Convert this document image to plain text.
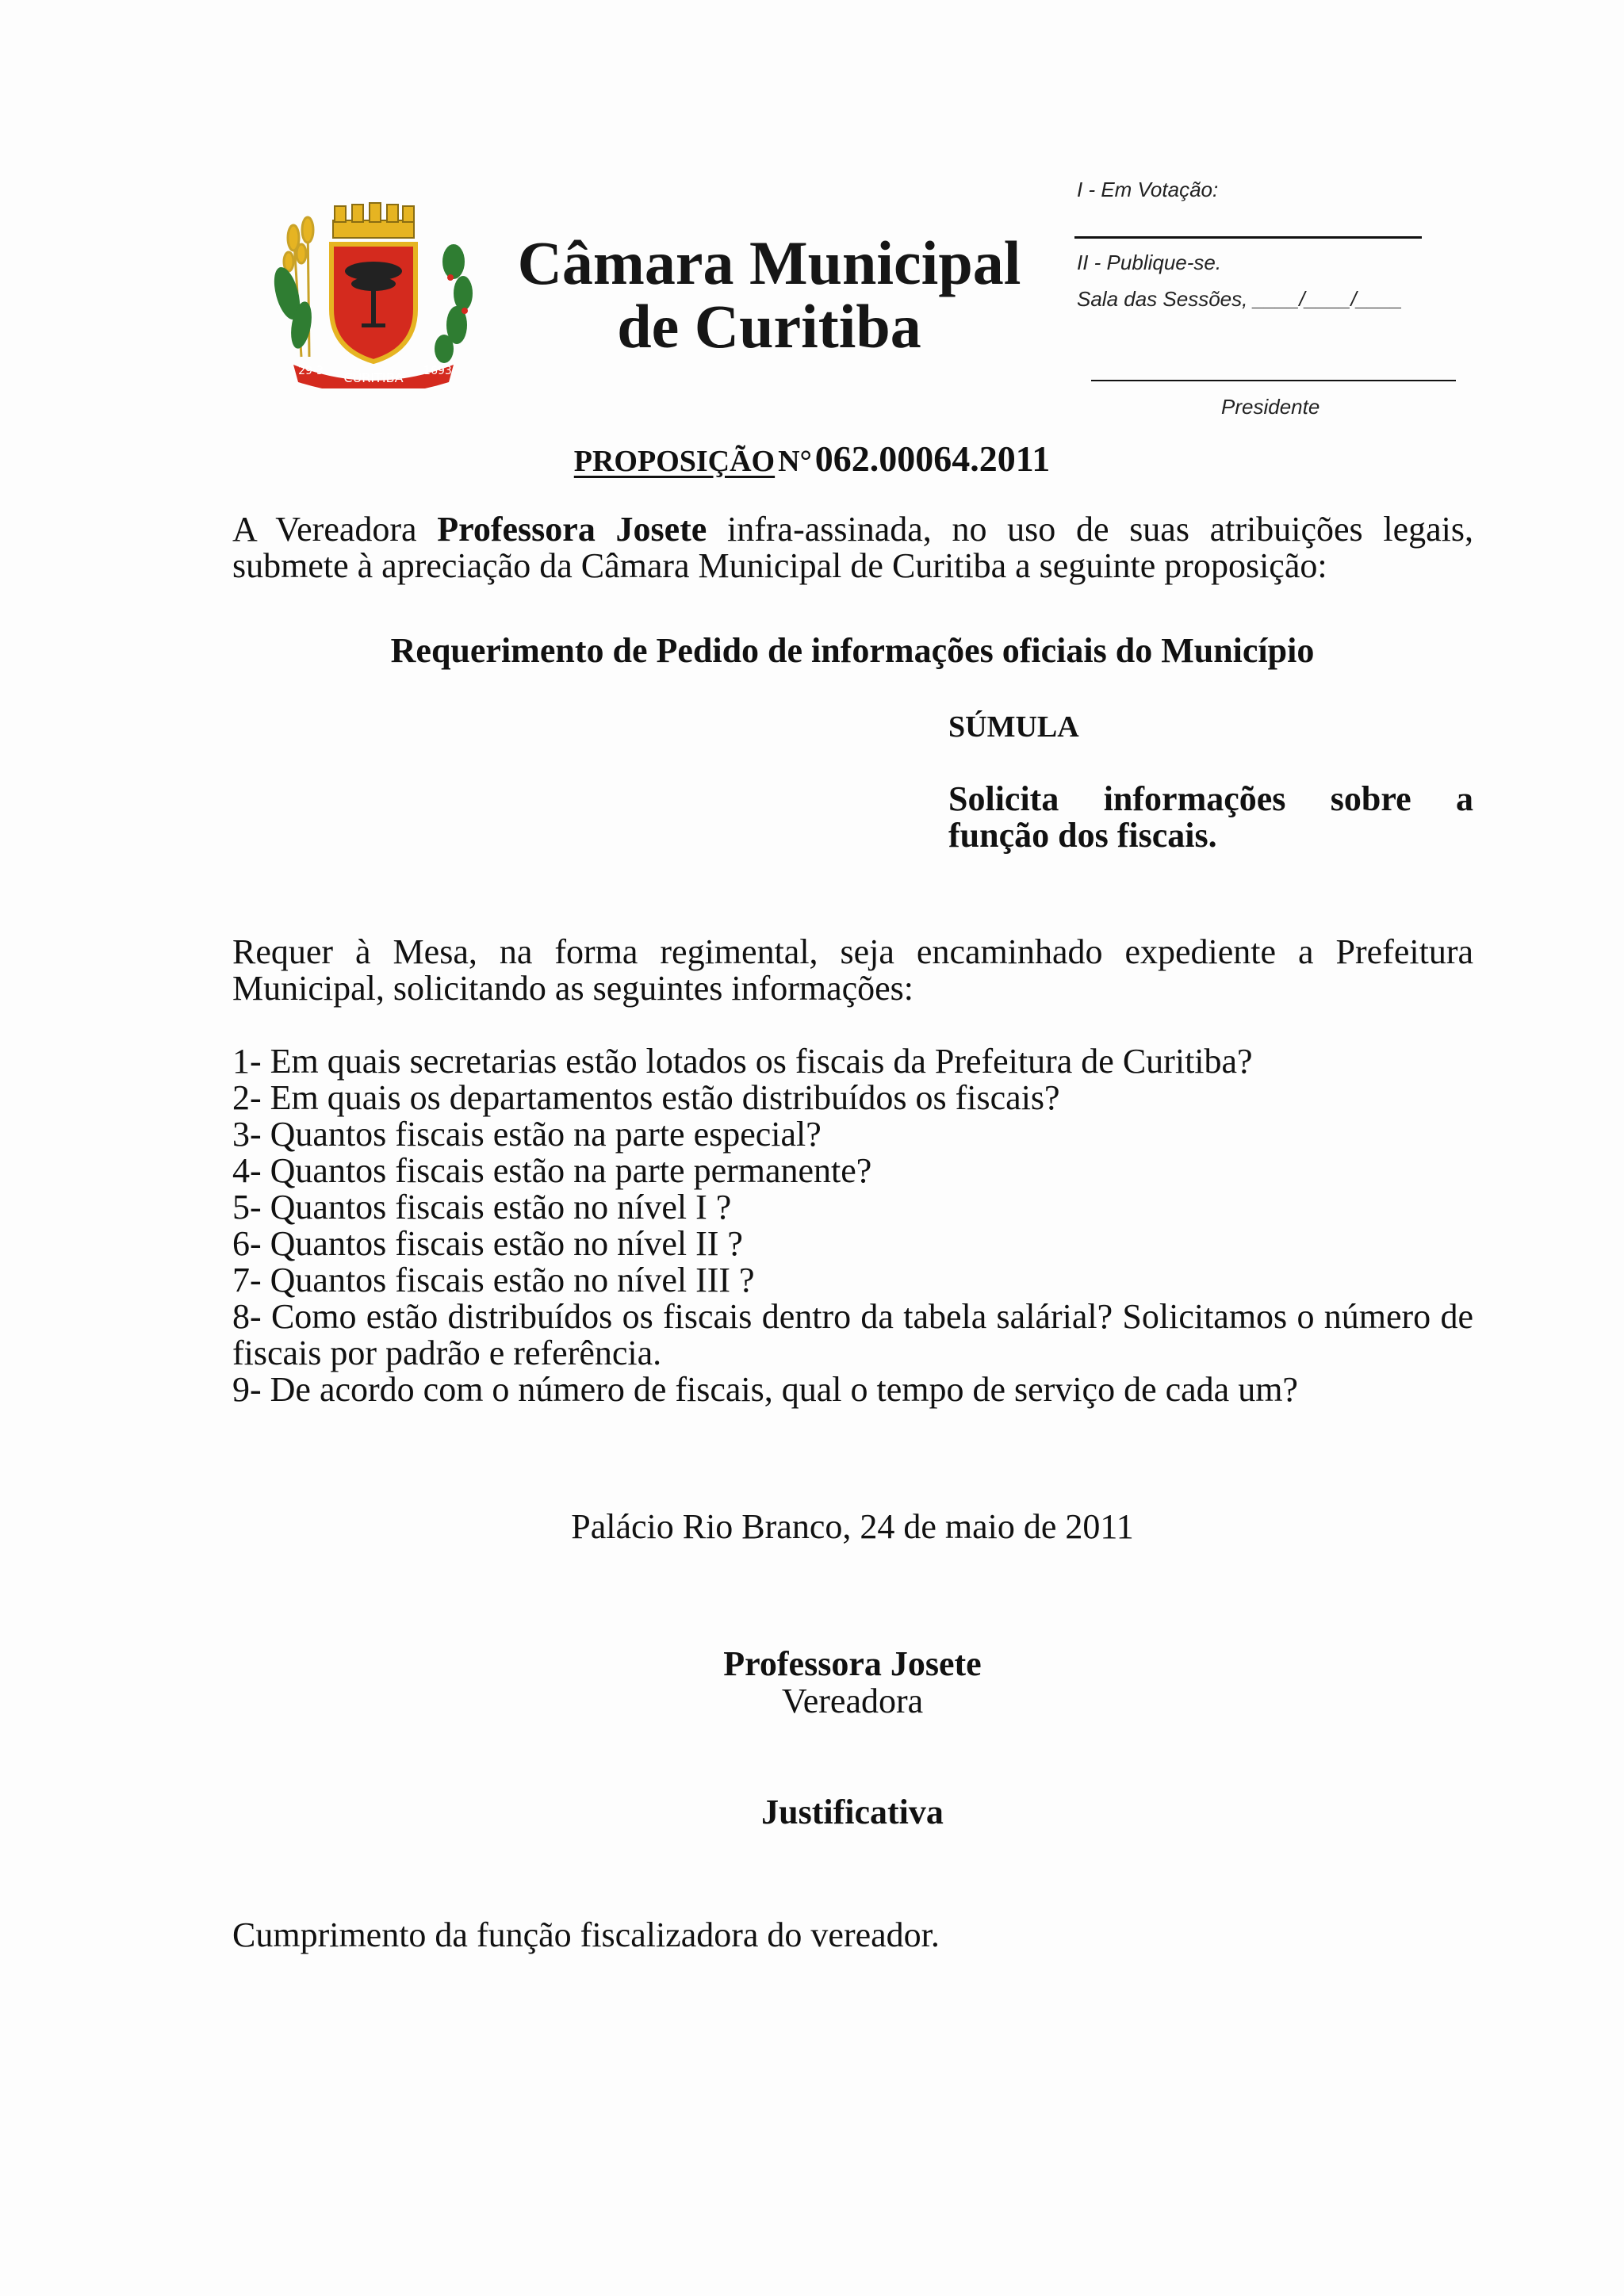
CURITIBA
29-3	1693
Câmara Municipal
de Curitiba
I - Em Votação:
II - Publique-se.
Sala das Sessões, ____/____/____
Presidente
PROPOSIÇÃO N° 062.00064.2011
A Vereadora Professora Josete infra-assinada, no uso de suas atribuições legais, submete à apreciação da Câmara Municipal de Curitiba a seguinte proposição:
Requerimento de Pedido de informações oficiais do Município
SÚMULA
Solicita informações sobre a função dos fiscais.
Requer à Mesa, na forma regimental, seja encaminhado expediente a Prefeitura Municipal, solicitando as seguintes informações:
1- Em quais secretarias estão lotados os fiscais da Prefeitura de Curitiba?
2- Em quais os departamentos estão distribuídos os fiscais?
3- Quantos fiscais estão na parte especial?
4- Quantos fiscais estão na parte permanente?
5- Quantos fiscais estão no nível I ?
6- Quantos fiscais estão no nível II ?
7- Quantos fiscais estão no nível III ?
8- Como estão distribuídos os fiscais dentro da tabela salárial? Solicitamos o número de fiscais por padrão e referência.
9- De acordo com o número de fiscais, qual o tempo de serviço de cada um?
Palácio Rio Branco, 24 de maio de 2011
Professora Josete
Vereadora
Justificativa
Cumprimento da função fiscalizadora do vereador.
